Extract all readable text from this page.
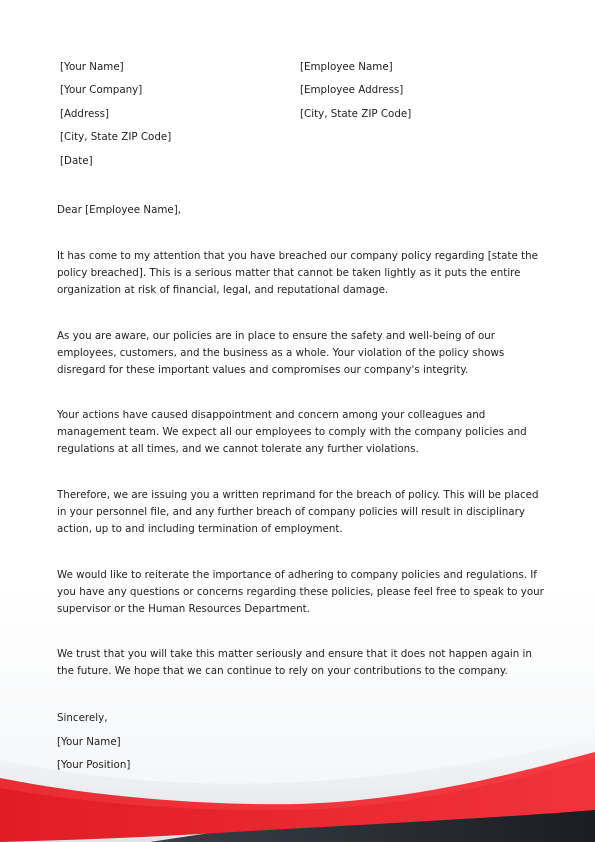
[Your Name]
[Your Company]
[Address]
[City, State ZIP Code]
[Date]
[Employee Name]
[Employee Address]
[City, State ZIP Code]
Dear [Employee Name],

It has come to my attention that you have breached our company policy regarding [state the policy breached]. This is a serious matter that cannot be taken lightly as it puts the entire organization at risk of financial, legal, and reputational damage.

As you are aware, our policies are in place to ensure the safety and well-being of our employees, customers, and the business as a whole. Your violation of the policy shows disregard for these important values and compromises our company's integrity.

Your actions have caused disappointment and concern among your colleagues and management team. We expect all our employees to comply with the company policies and regulations at all times, and we cannot tolerate any further violations.

Therefore, we are issuing you a written reprimand for the breach of policy. This will be placed in your personnel file, and any further breach of company policies will result in disciplinary action, up to and including termination of employment.

We would like to reiterate the importance of adhering to company policies and regulations. If you have any questions or concerns regarding these policies, please feel free to speak to your supervisor or the Human Resources Department.

We trust that you will take this matter seriously and ensure that it does not happen again in the future. We hope that we can continue to rely on your contributions to the company.

Sincerely,
[Your Name]
[Your Position]
